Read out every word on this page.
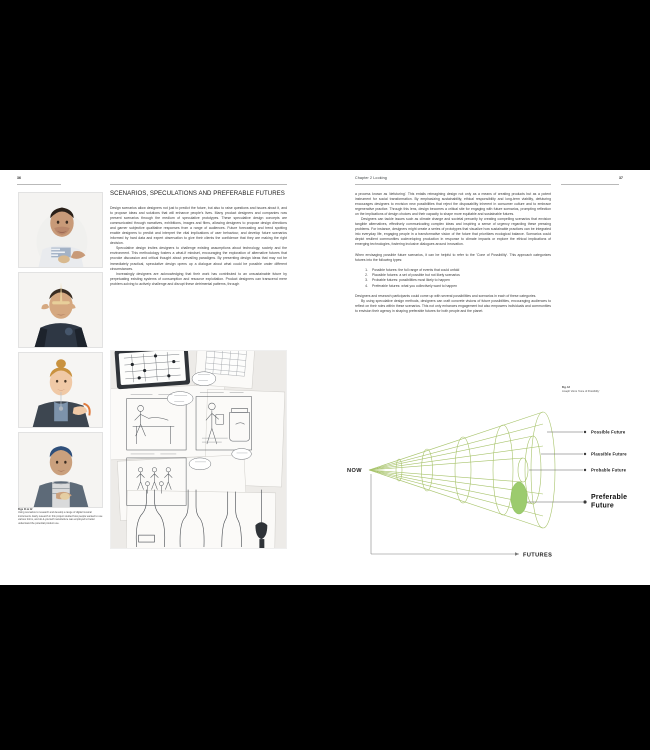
36
SCENARIOS, SPECULATIONS AND PREFERABLE FUTURES

Design scenarios allow designers not just to predict the future, but also to raise questions and issues about it, and to propose ideas and solutions that will enhance people's lives. Many product designers and companies now present scenarios through the medium of speculative prototypes. These speculative design concepts are communicated through narratives, exhibitions, images and films, allowing designers to propose design directions and garner subjective qualitative responses from a range of audiences. Future forecasting and trend spotting enable designers to predict and interpret the vital implications of user behaviour, and develop future scenarios informed by hard data and expert observation to give their clients the confidence that they are making the right decision.

Speculative design invites designers to challenge existing assumptions about technology, society and the environment. This methodology fosters a what-if mindset, encouraging the exploration of alternative futures that provoke discussion and critical thought about prevailing paradigms. By presenting design ideas that may not be immediately practical, speculative design opens up a dialogue about what could be possible under different circumstances.

Increasingly designers are acknowledging that their work has contributed to an unsustainable future by perpetuating existing systems of consumption and resource exploitation. Product designers can transcend mere problem-solving to actively challenge and disrupt these detrimental patterns, through

Figs 11 & 12
Using scenarios to research and develop a range of digital musical instruments. Early research in this project studied how people wanted to use various forms, and do-it-yourself manufacture was employed to better understand the potential product use.
Chapter 2 Looking	37

a process known as 'defuturing'. This entails reimagining design not only as a means of creating products but as a potent instrument for social transformation. By emphasizing sustainability, ethical responsibility and long-term viability, defuturing encourages designers to envision new possibilities that reject the disposability inherent in consumer culture and to embrace regenerative practice. Through this lens, design becomes a critical site for engaging with future scenarios, prompting reflection on the implications of design choices and their capacity to shape more equitable and sustainable futures.

Designers can tackle issues such as climate change and societal precarity by creating compelling scenarios that envision tangible alternatives, effectively communicating complex ideas and inspiring a sense of urgency regarding these pressing problems. For instance, designers might create a series of prototypes that visualize how sustainable practices can be integrated into everyday life, engaging people in a transformative vision of the future that prioritizes ecological balance. Scenarios could depict resilient communities codeveloping production in response to climate impacts or explore the ethical implications of emerging technologies, fostering inclusive dialogues around innovation.

When envisaging possible future scenarios, it can be helpful to refer to the 'Cone of Possibility'. This approach categorizes futures into the following types:

1. Possible futures: the full range of events that could unfold
2. Plausible futures: a set of possible but not likely scenarios
3. Probable futures: possibilities most likely to happen
4. Preferable futures: what you collectively want to happen

Designers and research participants could come up with several possibilities and scenarios in each of these categories.

By using speculative design methods, designers can craft concrete visions of future possibilities, encouraging audiences to reflect on their roles within these scenarios. This not only enhances engagement but also empowers individuals and communities to envision their agency in shaping preferable futures for both people and the planet.

Fig. 12
Joseph Voros 'Cone of Possibility'
NOW
FUTURES
Possible Future
Plausible Future
Probable Future
Preferable
Future
